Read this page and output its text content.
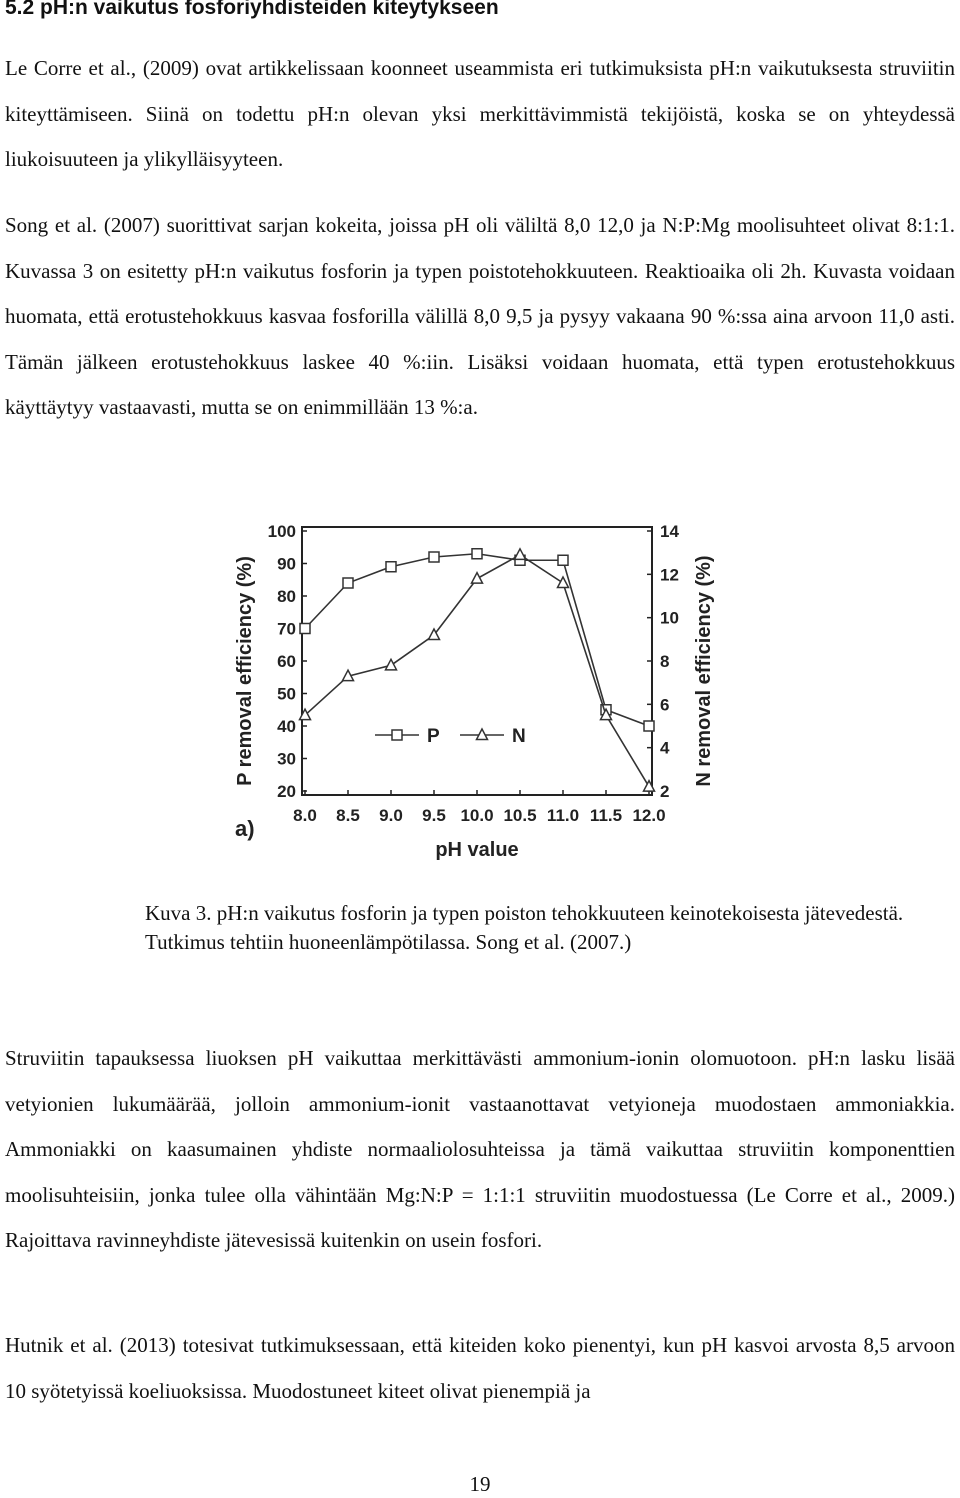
5.2 pH:n vaikutus fosforiyhdisteiden kiteytykseen

Le Corre et al., (2009) ovat artikkelissaan koonneet useammista eri tutkimuksista pH:n vaikutuksesta struviitin kiteyttämiseen. Siinä on todettu pH:n olevan yksi merkittävimmistä tekijöistä, koska se on yhteydessä liukoisuuteen ja ylikylläisyyteen.

Song et al. (2007) suorittivat sarjan kokeita, joissa pH oli väliltä 8,0 12,0 ja N:P:Mg moolisuhteet olivat 8:1:1. Kuvassa 3 on esitetty pH:n vaikutus fosforin ja typen poistotehokkuuteen. Reaktioaika oli 2h. Kuvasta voidaan huomata, että erotustehokkuus kasvaa fosforilla välillä 8,0 9,5 ja pysyy vakaana 90 %:ssa aina arvoon 11,0 asti. Tämän jälkeen erotustehokkuus laskee 40 %:iin. Lisäksi voidaan huomata, että typen erotustehokkuus käyttäytyy vastaavasti, mutta se on enimmillään 13 %:a.

20
30
40
50
60
70
80
90
100
2
4
6
8
10
12
14
8.0 8.5 9.0 9.5 10.0 10.5 11.0 11.5 12.0
pH value
P removal efficiency (%)	N removal efficiency (%)
a)
P	N

Kuva 3. pH:n vaikutus fosforin ja typen poiston tehokkuuteen keinotekoisesta jätevedestä. Tutkimus tehtiin huoneenlämpötilassa. Song et al. (2007.)

Struviitin tapauksessa liuoksen pH vaikuttaa merkittävästi ammonium-ionin olomuotoon. pH:n lasku lisää vetyionien lukumäärää, jolloin ammonium-ionit vastaanottavat vetyioneja muodostaen ammoniakkia. Ammoniakki on kaasumainen yhdiste normaaliolosuhteissa ja tämä vaikuttaa struviitin komponenttien moolisuhteisiin, jonka tulee olla vähintään Mg:N:P = 1:1:1 struviitin muodostuessa (Le Corre et al., 2009.) Rajoittava ravinneyhdiste jätevesissä kuitenkin on usein fosfori.

Hutnik et al. (2013) totesivat tutkimuksessaan, että kiteiden koko pienentyi, kun pH kasvoi arvosta 8,5 arvoon 10 syötetyissä koeliuoksissa. Muodostuneet kiteet olivat pienempiä ja

19
